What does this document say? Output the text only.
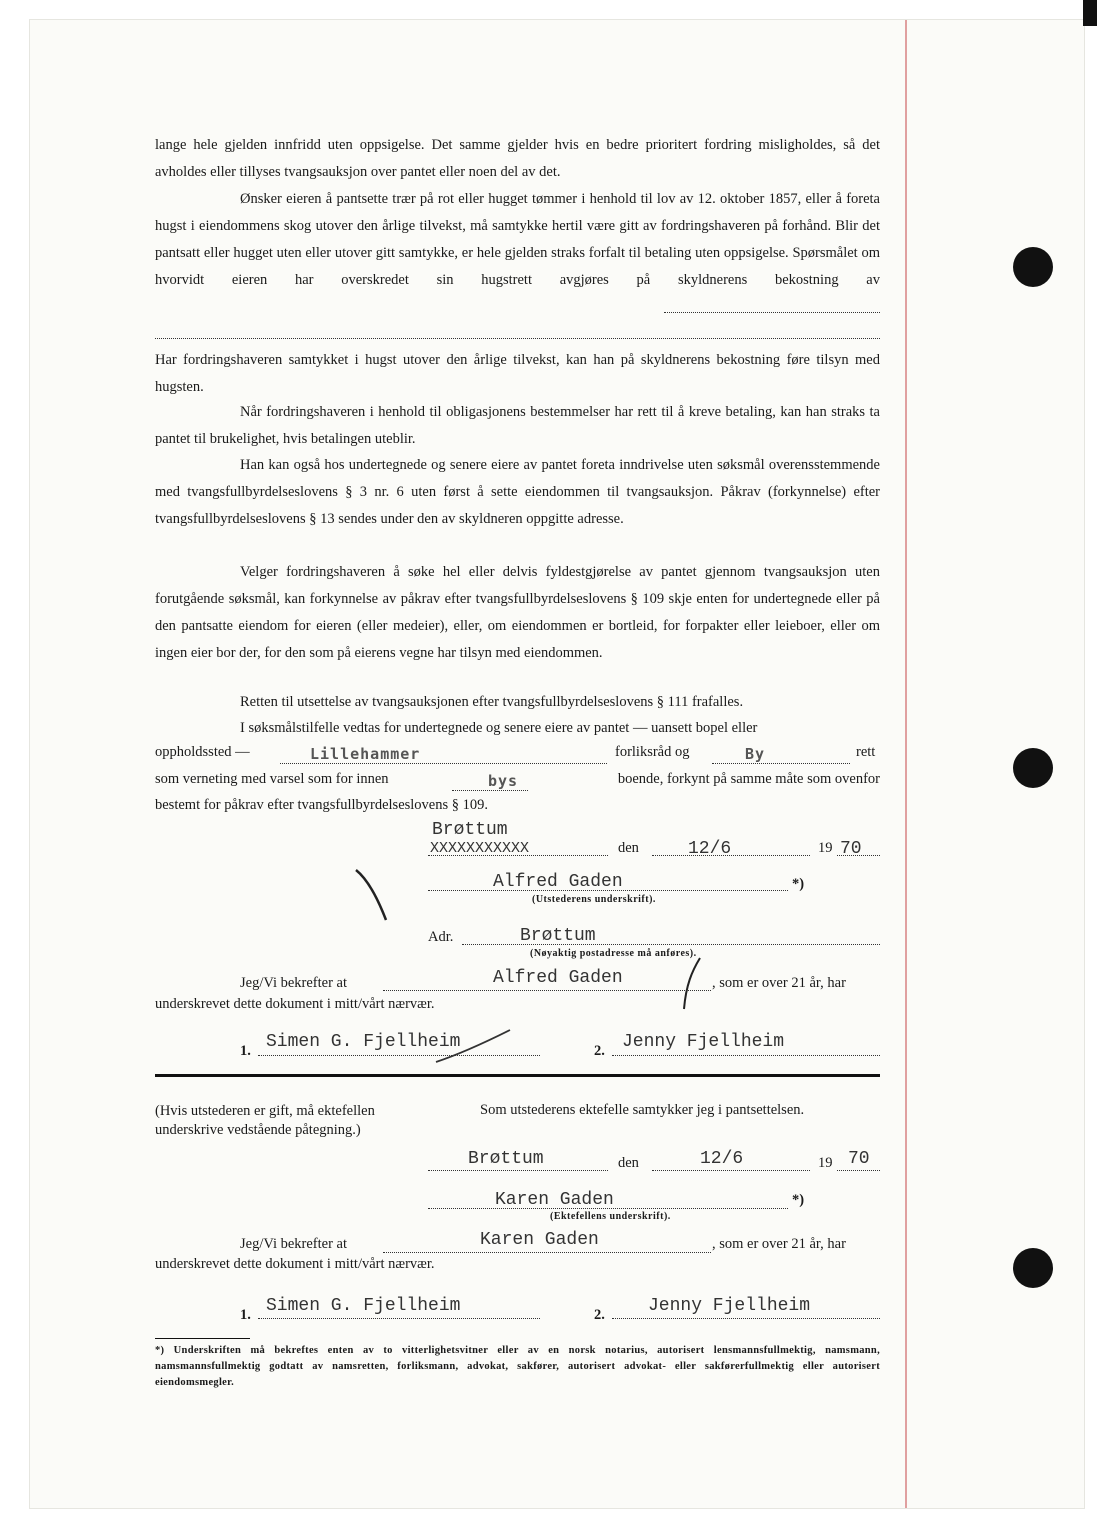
lange hele gjelden innfridd uten oppsigelse. Det samme gjelder hvis en bedre prioritert fordring misligholdes, så det avholdes eller tillyses tvangsauksjon over pantet eller noen del av det.

Ønsker eieren å pantsette trær på rot eller hugget tømmer i henhold til lov av 12. oktober 1857, eller å foreta hugst i eiendommens skog utover den årlige tilvekst, må samtykke hertil være gitt av fordringshaveren på forhånd. Blir det pantsatt eller hugget uten eller utover gitt samtykke, er hele gjelden straks forfalt til betaling uten oppsigelse. Spørsmålet om hvorvidt eieren har overskredet sin hugstrett avgjøres på skyldnerens bekostning av

Har fordringshaveren samtykket i hugst utover den årlige tilvekst, kan han på skyldnerens bekostning føre tilsyn med hugsten.

Når fordringshaveren i henhold til obligasjonens bestemmelser har rett til å kreve betaling, kan han straks ta pantet til brukelighet, hvis betalingen uteblir.

Han kan også hos undertegnede og senere eiere av pantet foreta inndrivelse uten søksmål overensstemmende med tvangsfullbyrdelseslovens § 3 nr. 6 uten først å sette eiendommen til tvangsauksjon. Påkrav (forkynnelse) efter tvangsfullbyrdelseslovens § 13 sendes under den av skyldneren oppgitte adresse.

Velger fordringshaveren å søke hel eller delvis fyldestgjørelse av pantet gjennom tvangsauksjon uten forutgående søksmål, kan forkynnelse av påkrav efter tvangsfullbyrdelseslovens § 109 skje enten for undertegnede eller på den pantsatte eiendom for eieren (eller medeier), eller, om eiendommen er bortleid, for forpakter eller leieboer, eller om ingen eier bor der, for den som på eierens vegne har tilsyn med eiendommen.

Retten til utsettelse av tvangsauksjonen efter tvangsfullbyrdelseslovens § 111 frafalles.

I søksmålstilfelle vedtas for undertegnede og senere eiere av pantet — uansett bopel eller

oppholdssted —	Lillehammer	forliksråd og	By	rett
som verneting med varsel som for innen	bys	boende, forkynt på samme måte som ovenfor
bestemt for påkrav efter tvangsfullbyrdelseslovens § 109.
Brøttum
XXXXXXXXXXX	den	12/6	19 70
Alfred Gaden	*)
(Utstederens underskrift).
Adr.	Brøttum
(Nøyaktig postadresse må anføres).
Jeg/Vi bekrefter at	Alfred Gaden	, som er over 21 år, har
underskrevet dette dokument i mitt/vårt nærvær.
1. Simen G. Fjellheim	2. Jenny Fjellheim
(Hvis utstederen er gift, må ektefellen underskrive vedstående påtegning.)
Som utstederens ektefelle samtykker jeg i pantsettelsen.
Brøttum	den	12/6	19 70
Karen Gaden	*)
(Ektefellens underskrift).
Jeg/Vi bekrefter at	Karen Gaden	, som er over 21 år, har
underskrevet dette dokument i mitt/vårt nærvær.
1. Simen G. Fjellheim	2. Jenny Fjellheim
*) Underskriften må bekreftes enten av to vitterlighetsvitner eller av en norsk notarius, autorisert lensmannsfullmektig, namsmann, namsmannsfullmektig godtatt av namsretten, forliksmann, advokat, sakfører, autorisert advokat- eller sakførerfullmektig eller autorisert eiendomsmegler.
